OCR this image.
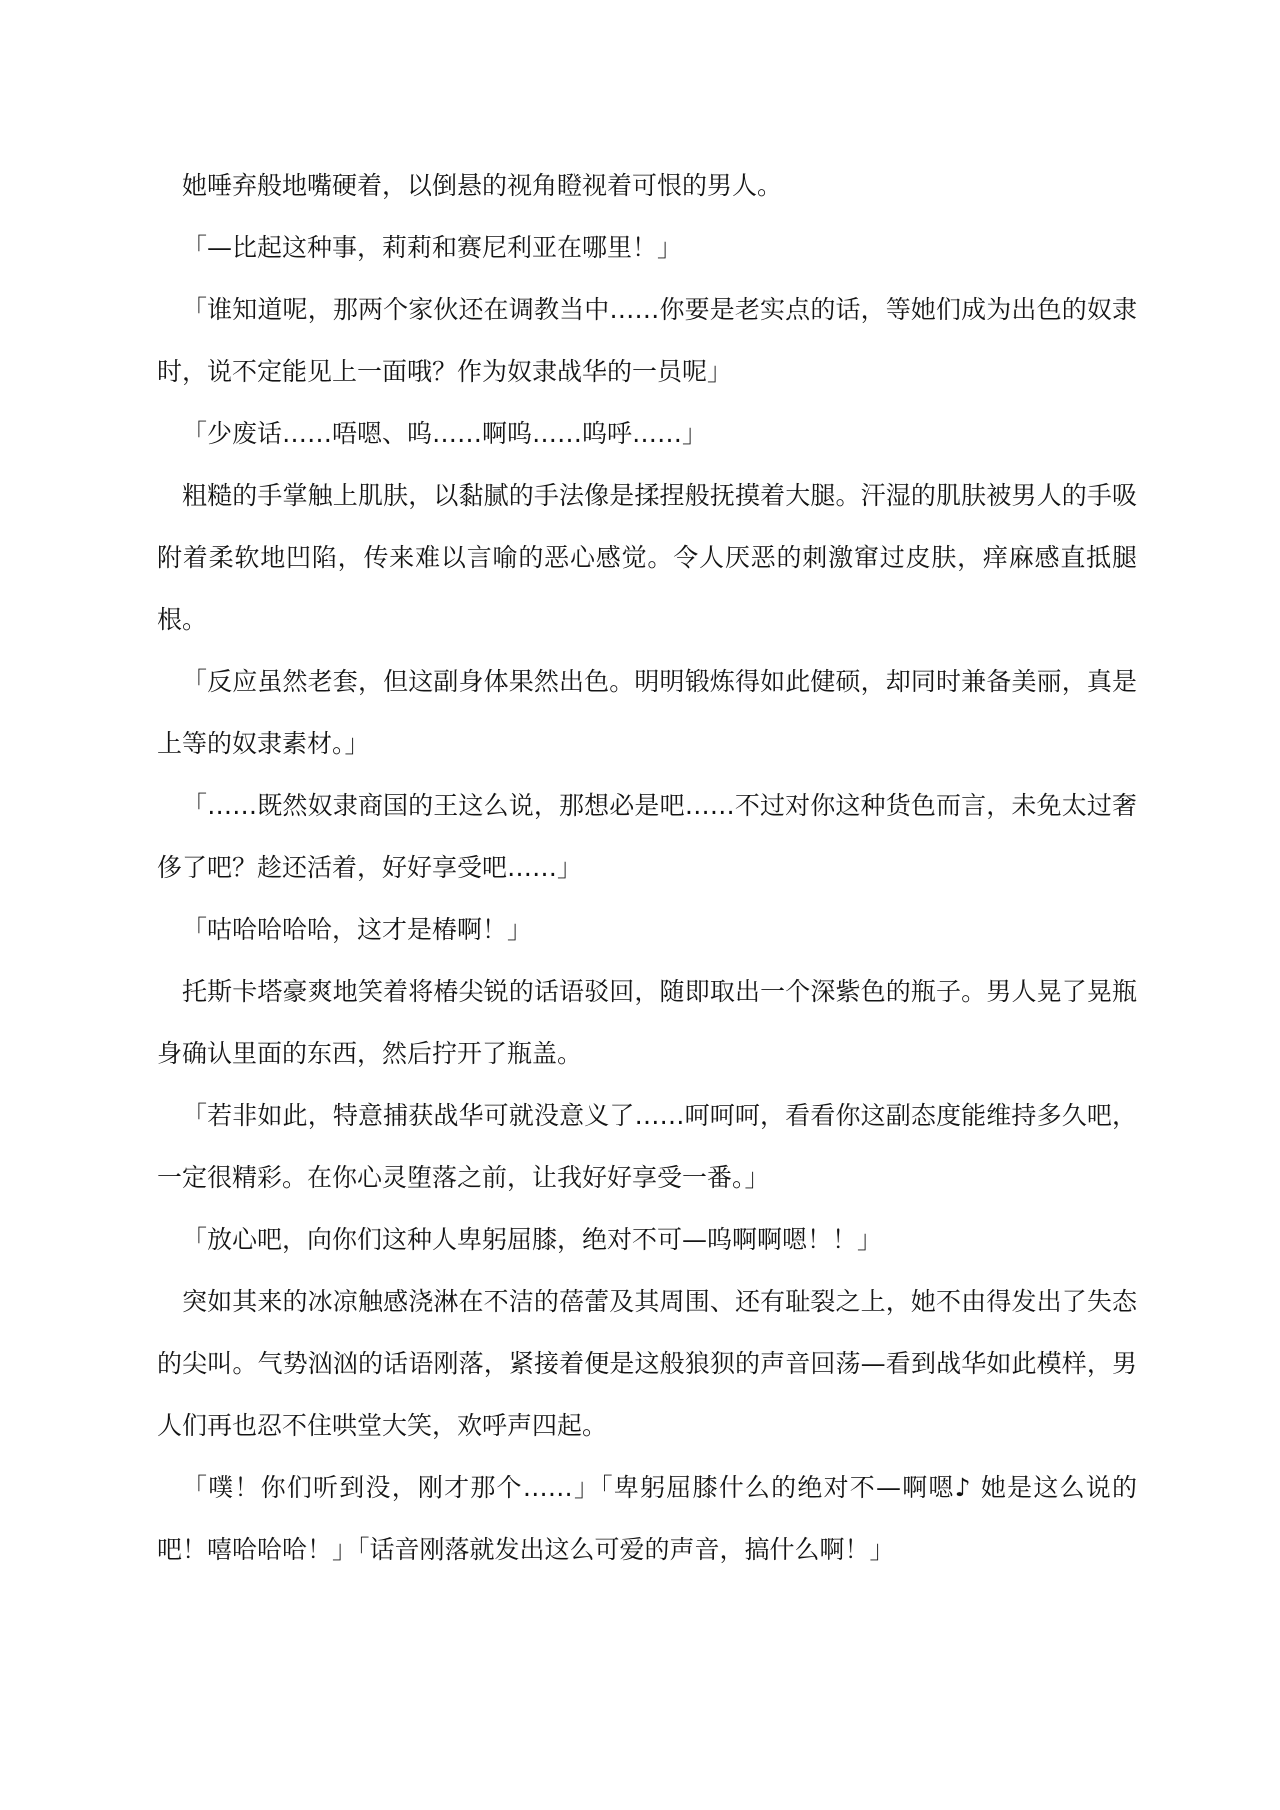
她唾弃般地嘴硬着，以倒悬的视角瞪视着可恨的男人。

「—比起这种事，莉莉和赛尼利亚在哪里！」

「谁知道呢，那两个家伙还在调教当中……你要是老实点的话，等她们成为出色的奴隶时，说不定能见上一面哦？作为奴隶战华的一员呢」

「少废话……唔嗯、呜……啊呜……呜呼……」

粗糙的手掌触上肌肤，以黏腻的手法像是揉捏般抚摸着大腿。汗湿的肌肤被男人的手吸附着柔软地凹陷，传来难以言喻的恶心感觉。令人厌恶的刺激窜过皮肤，痒麻感直抵腿根。

「反应虽然老套，但这副身体果然出色。明明锻炼得如此健硕，却同时兼备美丽，真是上等的奴隶素材。」

「……既然奴隶商国的王这么说，那想必是吧……不过对你这种货色而言，未免太过奢侈了吧？趁还活着，好好享受吧……」

「咕哈哈哈哈，这才是椿啊！」

托斯卡塔豪爽地笑着将椿尖锐的话语驳回，随即取出一个深紫色的瓶子。男人晃了晃瓶身确认里面的东西，然后拧开了瓶盖。

「若非如此，特意捕获战华可就没意义了……呵呵呵，看看你这副态度能维持多久吧，一定很精彩。在你心灵堕落之前，让我好好享受一番。」

「放心吧，向你们这种人卑躬屈膝，绝对不可—呜啊啊嗯！！」

突如其来的冰凉触感浇淋在不洁的蓓蕾及其周围、还有耻裂之上，她不由得发出了失态的尖叫。气势汹汹的话语刚落，紧接着便是这般狼狈的声音回荡—看到战华如此模样，男人们再也忍不住哄堂大笑，欢呼声四起。

「噗！你们听到没，刚才那个……」「卑躬屈膝什么的绝对不—啊嗯♪ 她是这么说的吧！嘻哈哈哈！」「话音刚落就发出这么可爱的声音，搞什么啊！」
